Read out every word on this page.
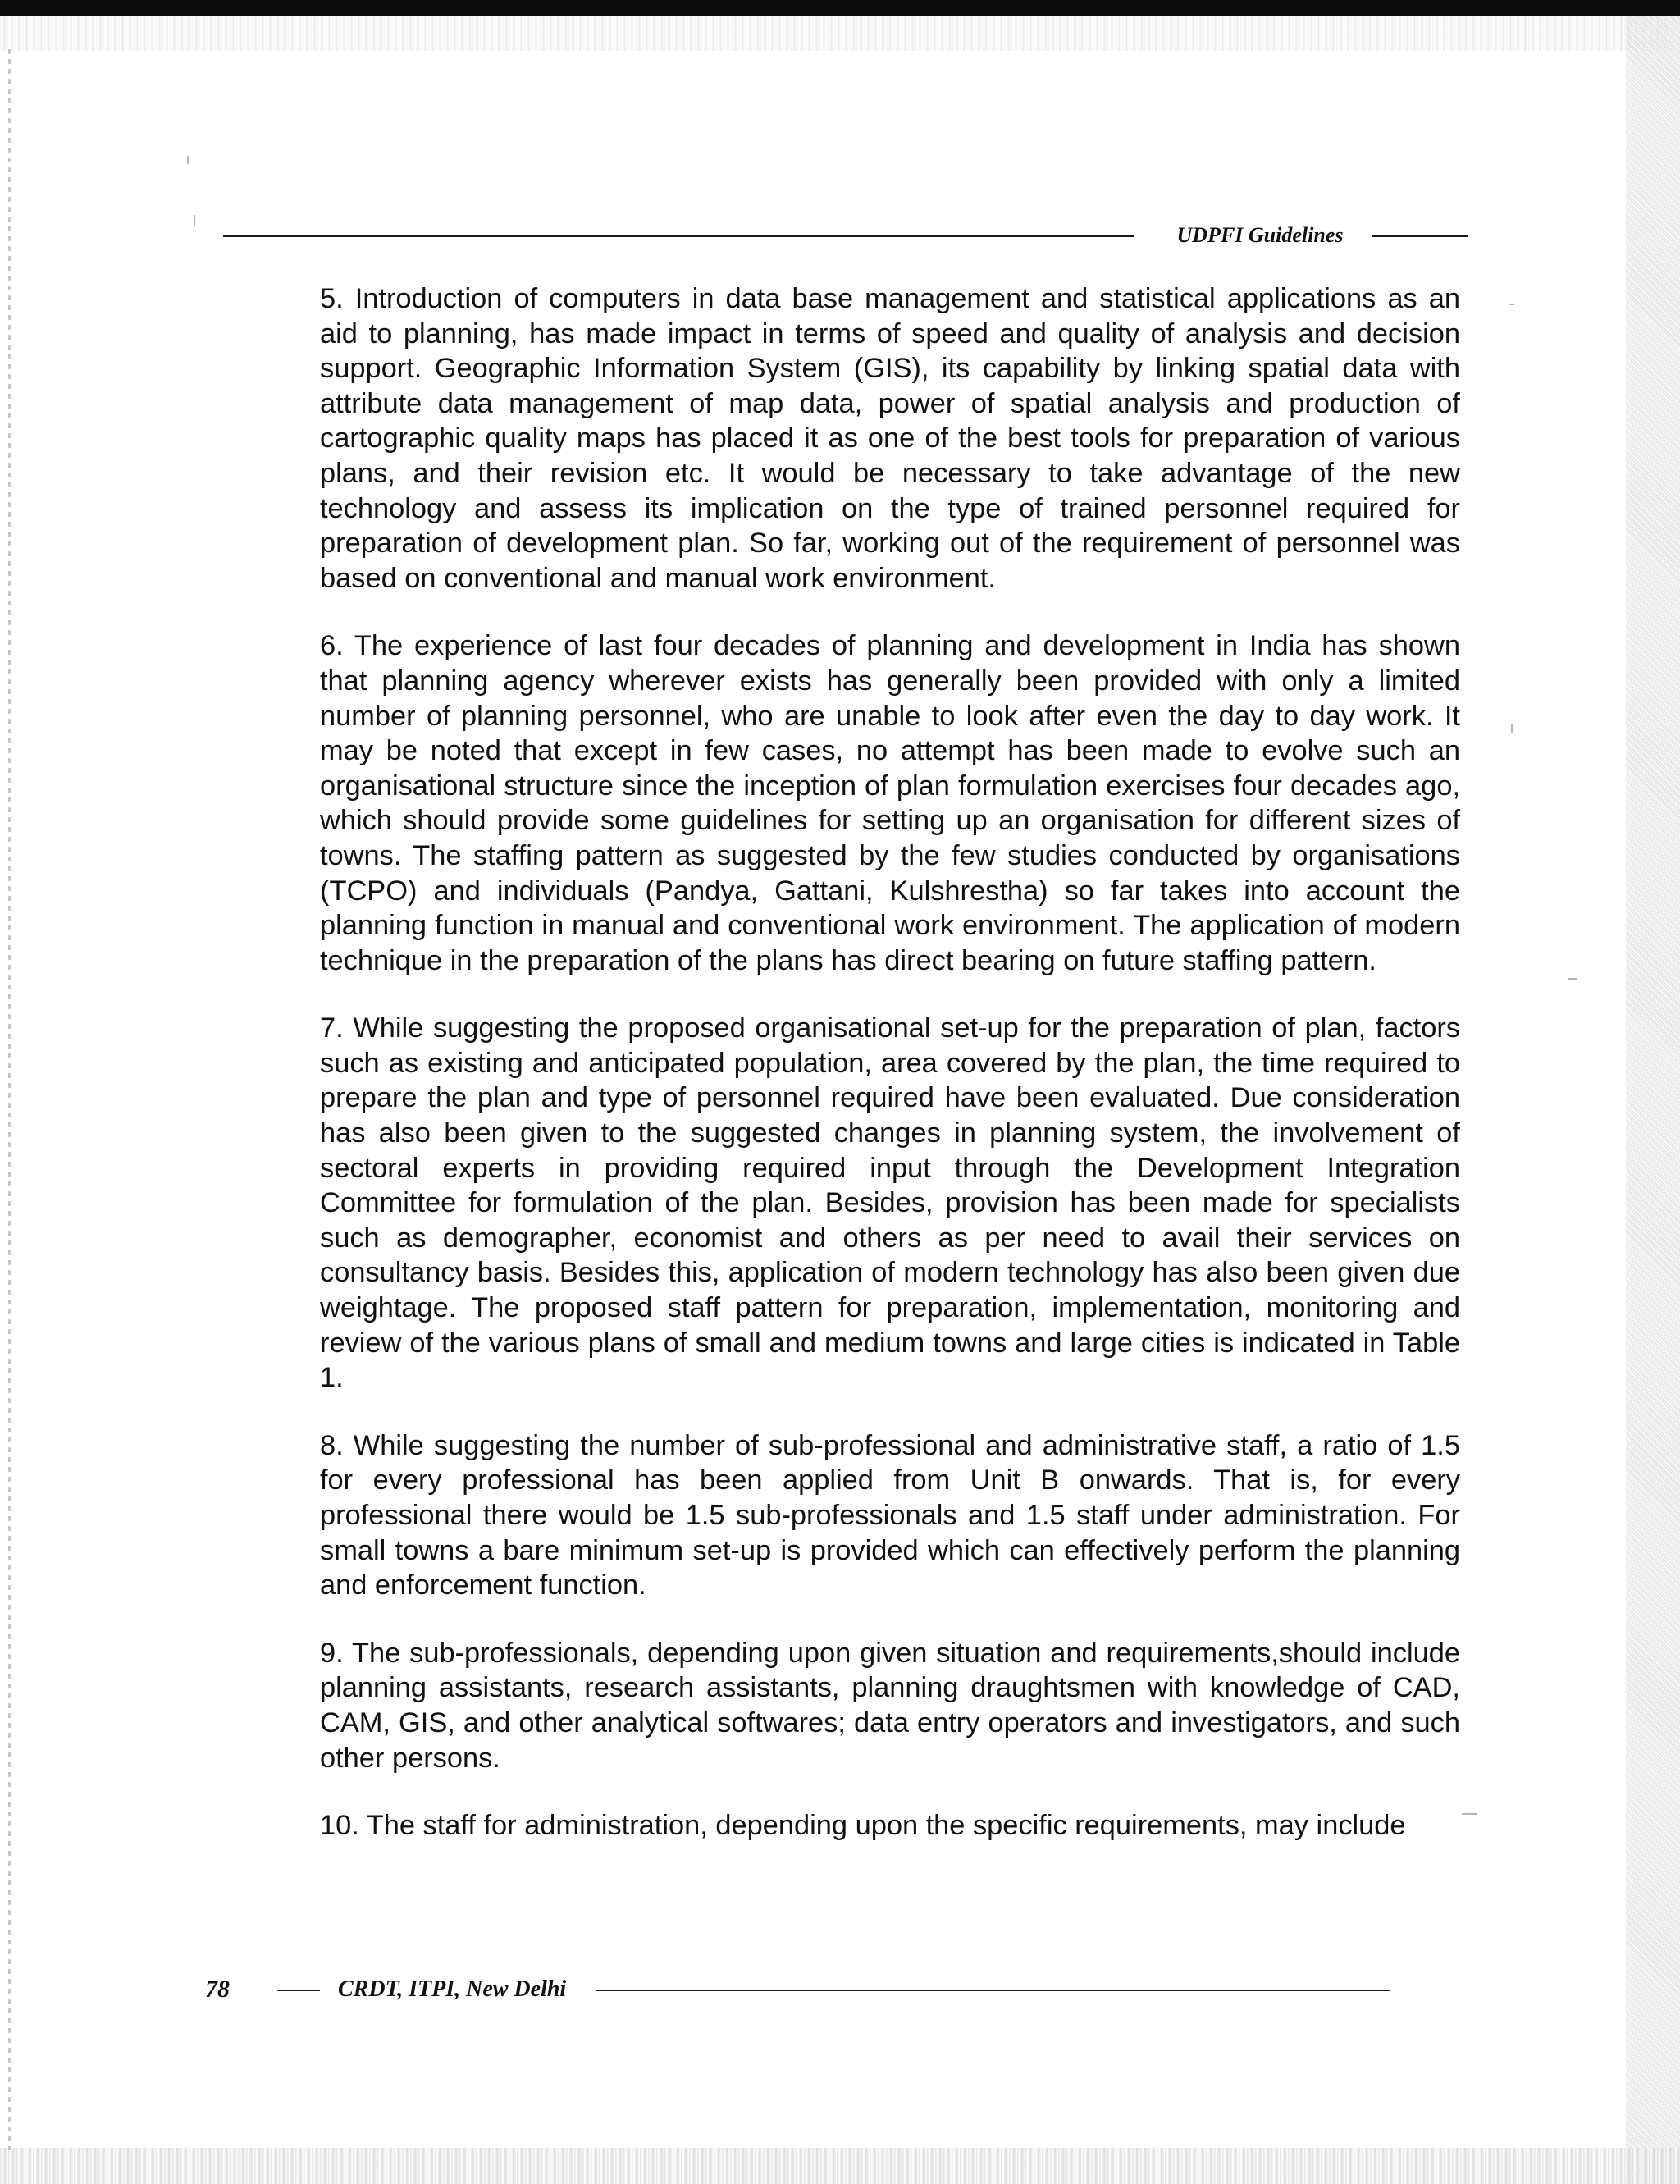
UDPFI Guidelines

5. Introduction of computers in data base management and statistical applications as an aid to planning, has made impact in terms of speed and quality of analysis and decision support. Geographic Information System (GIS), its capability by linking spatial data with attribute data management of map data, power of spatial analysis and production of cartographic quality maps has placed it as one of the best tools for preparation of various plans, and their revision etc. It would be necessary to take advantage of the new technology and assess its implication on the type of trained personnel required for preparation of development plan. So far, working out of the requirement of personnel was based on conventional and manual work environment.

6. The experience of last four decades of planning and development in India has shown that planning agency wherever exists has generally been provided with only a limited number of planning personnel, who are unable to look after even the day to day work. It may be noted that except in few cases, no attempt has been made to evolve such an organisational structure since the inception of plan formulation exercises four decades ago, which should provide some guidelines for setting up an organisation for different sizes of towns. The staffing pattern as suggested by the few studies conducted by organisations (TCPO) and individuals (Pandya, Gattani, Kulshrestha) so far takes into account the planning function in manual and conventional work environment. The application of modern technique in the preparation of the plans has direct bearing on future staffing pattern.

7. While suggesting the proposed organisational set-up for the preparation of plan, factors such as existing and anticipated population, area covered by the plan, the time required to prepare the plan and type of personnel required have been evaluated. Due consideration has also been given to the suggested changes in planning system, the involvement of sectoral experts in providing required input through the Development Integration Committee for formulation of the plan. Besides, provision has been made for specialists such as demographer, economist and others as per need to avail their services on consultancy basis. Besides this, application of modern technology has also been given due weightage. The proposed staff pattern for preparation, implementation, monitoring and review of the various plans of small and medium towns and large cities is indicated in Table 1.

8. While suggesting the number of sub-professional and administrative staff, a ratio of 1.5 for every professional has been applied from Unit B onwards. That is, for every professional there would be 1.5 sub-professionals and 1.5 staff under administration. For small towns a bare minimum set-up is provided which can effectively perform the planning and enforcement function.

9. The sub-professionals, depending upon given situation and requirements,should include planning assistants, research assistants, planning draughtsmen with knowledge of CAD, CAM, GIS, and other analytical softwares; data entry operators and investigators, and such other persons.

10. The staff for administration, depending upon the specific requirements, may include

78	CRDT, ITPI, New Delhi
